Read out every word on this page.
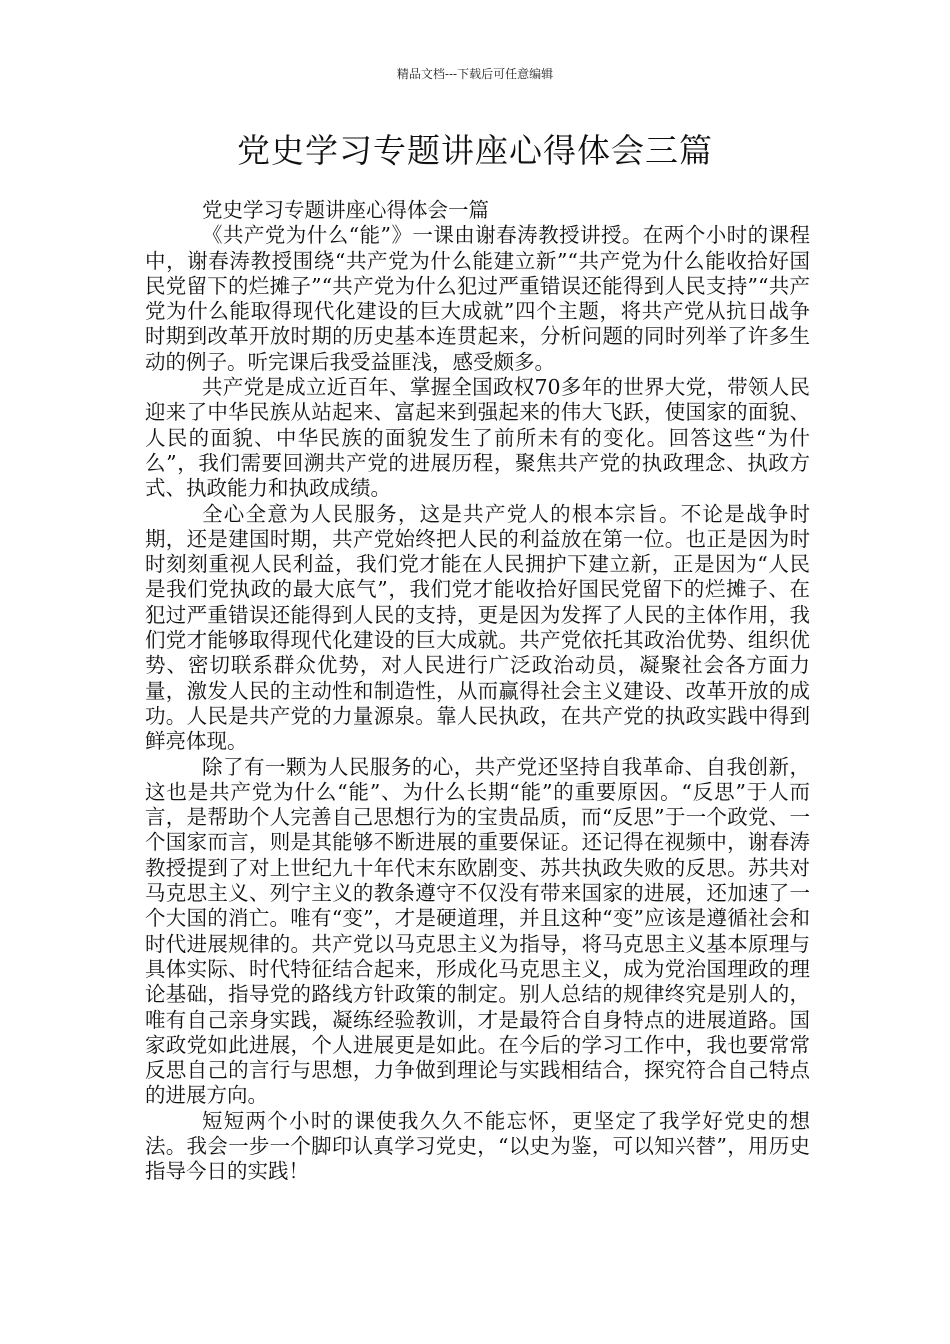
精品文档---下载后可任意编辑
党史学习专题讲座心得体会三篇

党史学习专题讲座心得体会一篇

《共产党为什么“能”》一课由谢春涛教授讲授。在两个小时的课程中，谢春涛教授围绕“共产党为什么能建立新”“共产党为什么能收拾好国民党留下的烂摊子”“共产党为什么犯过严重错误还能得到人民支持”“共产党为什么能取得现代化建设的巨大成就”四个主题，将共产党从抗日战争时期到改革开放时期的历史基本连贯起来，分析问题的同时列举了许多生动的例子。听完课后我受益匪浅，感受颇多。

共产党是成立近百年、掌握全国政权70多年的世界大党，带领人民迎来了中华民族从站起来、富起来到强起来的伟大飞跃，使国家的面貌、人民的面貌、中华民族的面貌发生了前所未有的变化。回答这些“为什么”，我们需要回溯共产党的进展历程，聚焦共产党的执政理念、执政方式、执政能力和执政成绩。

全心全意为人民服务，这是共产党人的根本宗旨。不论是战争时期，还是建国时期，共产党始终把人民的利益放在第一位。也正是因为时时刻刻重视人民利益，我们党才能在人民拥护下建立新，正是因为“人民是我们党执政的最大底气”，我们党才能收拾好国民党留下的烂摊子、在犯过严重错误还能得到人民的支持，更是因为发挥了人民的主体作用，我们党才能够取得现代化建设的巨大成就。共产党依托其政治优势、组织优势、密切联系群众优势，对人民进行广泛政治动员，凝聚社会各方面力量，激发人民的主动性和制造性，从而赢得社会主义建设、改革开放的成功。人民是共产党的力量源泉。靠人民执政，在共产党的执政实践中得到鲜亮体现。

除了有一颗为人民服务的心，共产党还坚持自我革命、自我创新，这也是共产党为什么“能”、为什么长期“能”的重要原因。“反思”于人而言，是帮助个人完善自己思想行为的宝贵品质，而“反思”于一个政党、一个国家而言，则是其能够不断进展的重要保证。还记得在视频中，谢春涛教授提到了对上世纪九十年代末东欧剧变、苏共执政失败的反思。苏共对马克思主义、列宁主义的教条遵守不仅没有带来国家的进展，还加速了一个大国的消亡。唯有“变”，才是硬道理，并且这种“变”应该是遵循社会和时代进展规律的。共产党以马克思主义为指导，将马克思主义基本原理与具体实际、时代特征结合起来，形成化马克思主义，成为党治国理政的理论基础，指导党的路线方针政策的制定。别人总结的规律终究是别人的，唯有自己亲身实践，凝练经验教训，才是最符合自身特点的进展道路。国家政党如此进展，个人进展更是如此。在今后的学习工作中，我也要常常反思自己的言行与思想，力争做到理论与实践相结合，探究符合自己特点的进展方向。

短短两个小时的课使我久久不能忘怀，更坚定了我学好党史的想法。我会一步一个脚印认真学习党史，“以史为鉴，可以知兴替”，用历史指导今日的实践！
